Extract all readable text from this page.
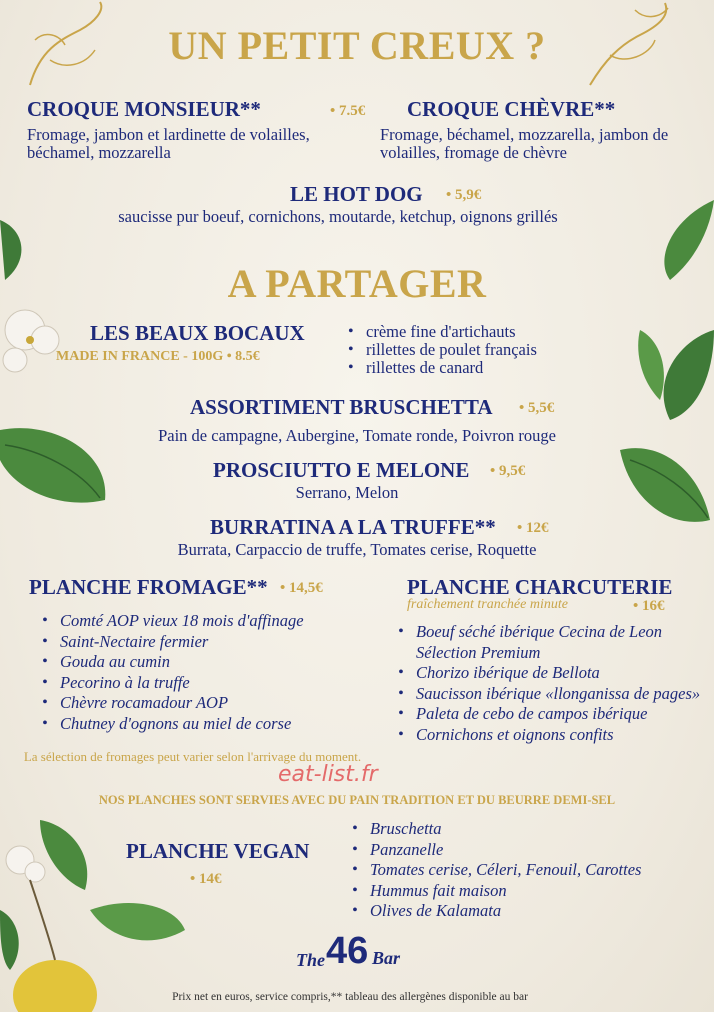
UN PETIT CREUX ?
CROQUE MONSIEUR**	• 7.5€
Fromage, jambon et lardinette de volailles, béchamel, mozzarella
CROQUE CHÈVRE**
Fromage, béchamel, mozzarella, jambon de volailles, fromage de chèvre
LE HOT DOG • 5,9€
saucisse pur boeuf, cornichons, moutarde, ketchup, oignons grillés
A PARTAGER
LES BEAUX BOCAUX
MADE IN FRANCE - 100G • 8.5€
• crème fine d'artichauts
• rillettes de poulet français
• rillettes de canard
ASSORTIMENT BRUSCHETTA • 5,5€
Pain de campagne, Aubergine, Tomate ronde, Poivron rouge
PROSCIUTTO E MELONE • 9,5€
Serrano, Melon
BURRATINA A LA TRUFFE** • 12€
Burrata, Carpaccio de truffe, Tomates cerise, Roquette
PLANCHE FROMAGE** • 14,5€
• Comté AOP vieux 18 mois d'affinage
• Saint-Nectaire fermier
• Gouda au cumin
• Pecorino à la truffe
• Chèvre rocamadour AOP
• Chutney d'ognons au miel de corse
La sélection de fromages peut varier selon l'arrivage du moment.
PLANCHE CHARCUTERIE
fraîchement tranchée minute	• 16€
• Boeuf séché ibérique Cecina de Leon Sélection Premium
• Chorizo ibérique de Bellota
• Saucisson ibérique «llonganissa de pages»
• Paleta de cebo de campos ibérique
• Cornichons et oignons confits
eat-list.fr
NOS PLANCHES SONT SERVIES AVEC DU PAIN TRADITION ET DU BEURRE DEMI-SEL
PLANCHE VEGAN
• 14€
• Bruschetta
• Panzanelle
• Tomates cerise, Céleri, Fenouil, Carottes
• Hummus fait maison
• Olives de Kalamata
The 46 Bar
Prix net en euros, service compris,** tableau des allergènes disponible au bar
